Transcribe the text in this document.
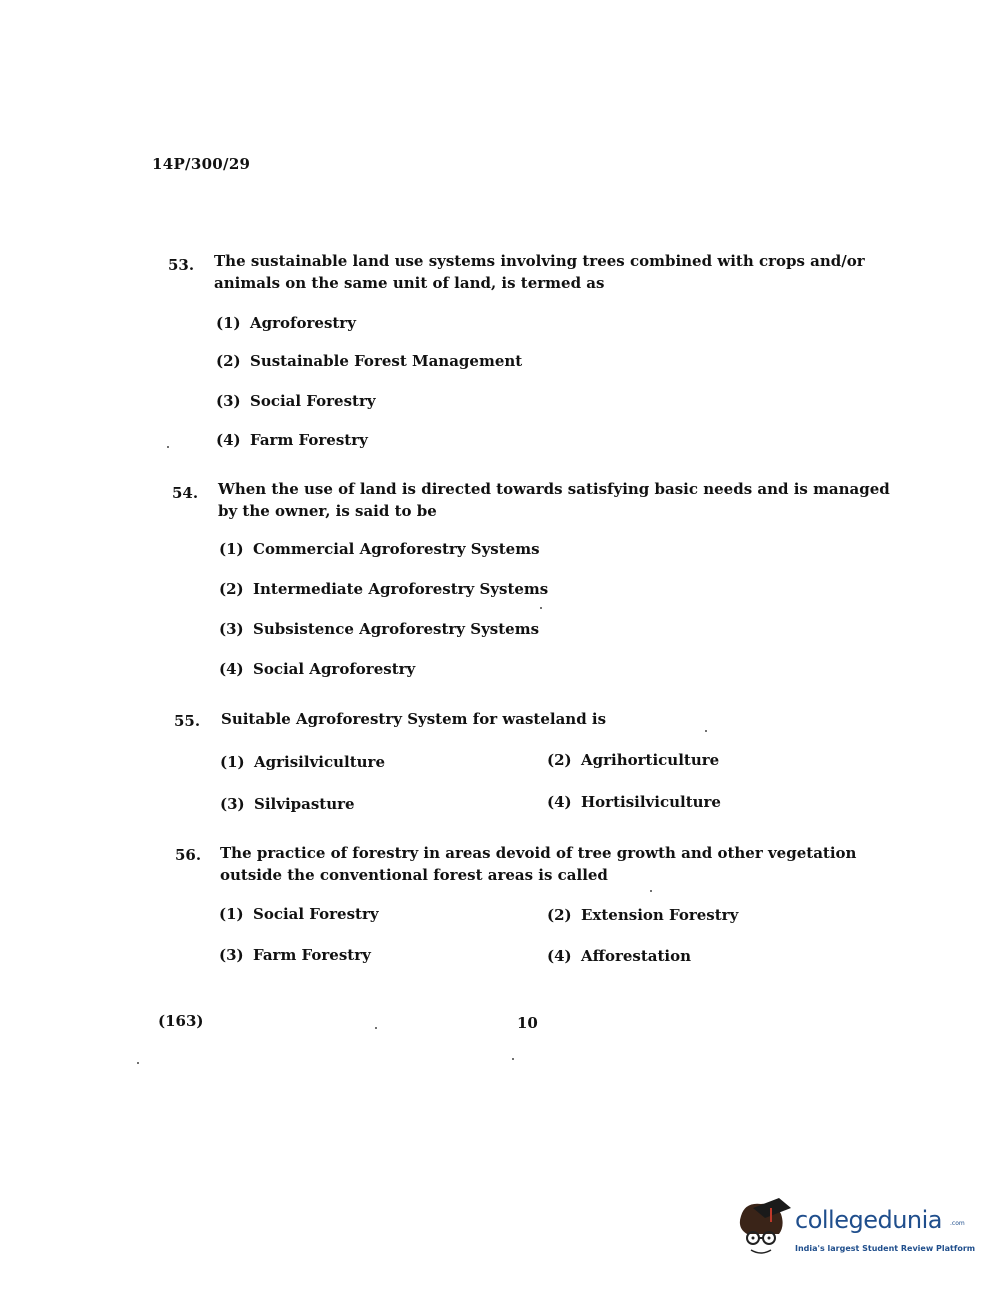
14P/300/29
53. The sustainable land use systems involving trees combined with crops and/or animals on the same unit of land, is termed as
(1) Agroforestry
(2) Sustainable Forest Management
(3) Social Forestry
(4) Farm Forestry
54. When the use of land is directed towards satisfying basic needs and is managed by the owner, is said to be
(1) Commercial Agroforestry Systems
(2) Intermediate Agroforestry Systems
(3) Subsistence Agroforestry Systems
(4) Social Agroforestry
55. Suitable Agroforestry System for wasteland is
(1) Agrisilviculture	(2) Agrihorticulture
(3) Silvipasture	(4) Hortisilviculture
56. The practice of forestry in areas devoid of tree growth and other vegetation outside the conventional forest areas is called
(1) Social Forestry	(2) Extension Forestry
(3) Farm Forestry	(4) Afforestation
(163)	10
collegedunia .com
India's largest Student Review Platform
